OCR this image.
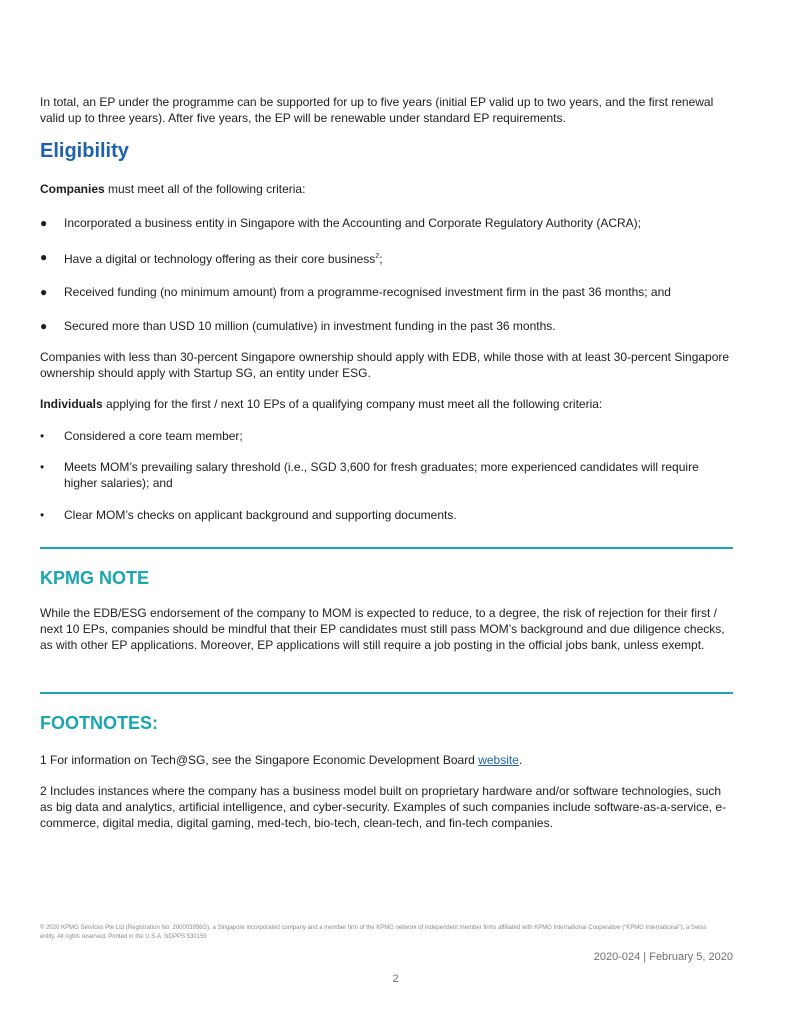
In total, an EP under the programme can be supported for up to five years (initial EP valid up to two years, and the first renewal valid up to three years). After five years, the EP will be renewable under standard EP requirements.

Eligibility

Companies must meet all of the following criteria:

●	Incorporated a business entity in Singapore with the Accounting and Corporate Regulatory Authority (ACRA);
●	Have a digital or technology offering as their core business$^2$;
●	Received funding (no minimum amount) from a programme-recognised investment firm in the past 36 months; and
●	Secured more than USD 10 million (cumulative) in investment funding in the past 36 months.

Companies with less than 30-percent Singapore ownership should apply with EDB, while those with at least 30-percent Singapore ownership should apply with Startup SG, an entity under ESG.

Individuals applying for the first / next 10 EPs of a qualifying company must meet all the following criteria:

•	Considered a core team member;
•	Meets MOM’s prevailing salary threshold (i.e., SGD 3,600 for fresh graduates; more experienced candidates will require higher salaries); and
•	Clear MOM’s checks on applicant background and supporting documents.
KPMG NOTE

While the EDB/ESG endorsement of the company to MOM is expected to reduce, to a degree, the risk of rejection for their first / next 10 EPs, companies should be mindful that their EP candidates must still pass MOM’s background and due diligence checks, as with other EP applications. Moreover, EP applications will still require a job posting in the official jobs bank, unless exempt.

FOOTNOTES:

1 For information on Tech@SG, see the Singapore Economic Development Board website.

2 Includes instances where the company has a business model built on proprietary hardware and/or software technologies, such as big data and analytics, artificial intelligence, and cyber-security. Examples of such companies include software-as-a-service, e-commerce, digital media, digital gaming, med-tech, bio-tech, clean-tech, and fin-tech companies.

© 2020 KPMG Services Pte Ltd (Registration No: 200003956G), a Singapore incorporated company and a member firm of the KPMG network of independent member firms affiliated with KPMG International Cooperative (“KPMG International”), a Swiss entity. All rights reserved. Printed in the U.S.A. NDPPS 530159
2020-024 | February 5, 2020
2
